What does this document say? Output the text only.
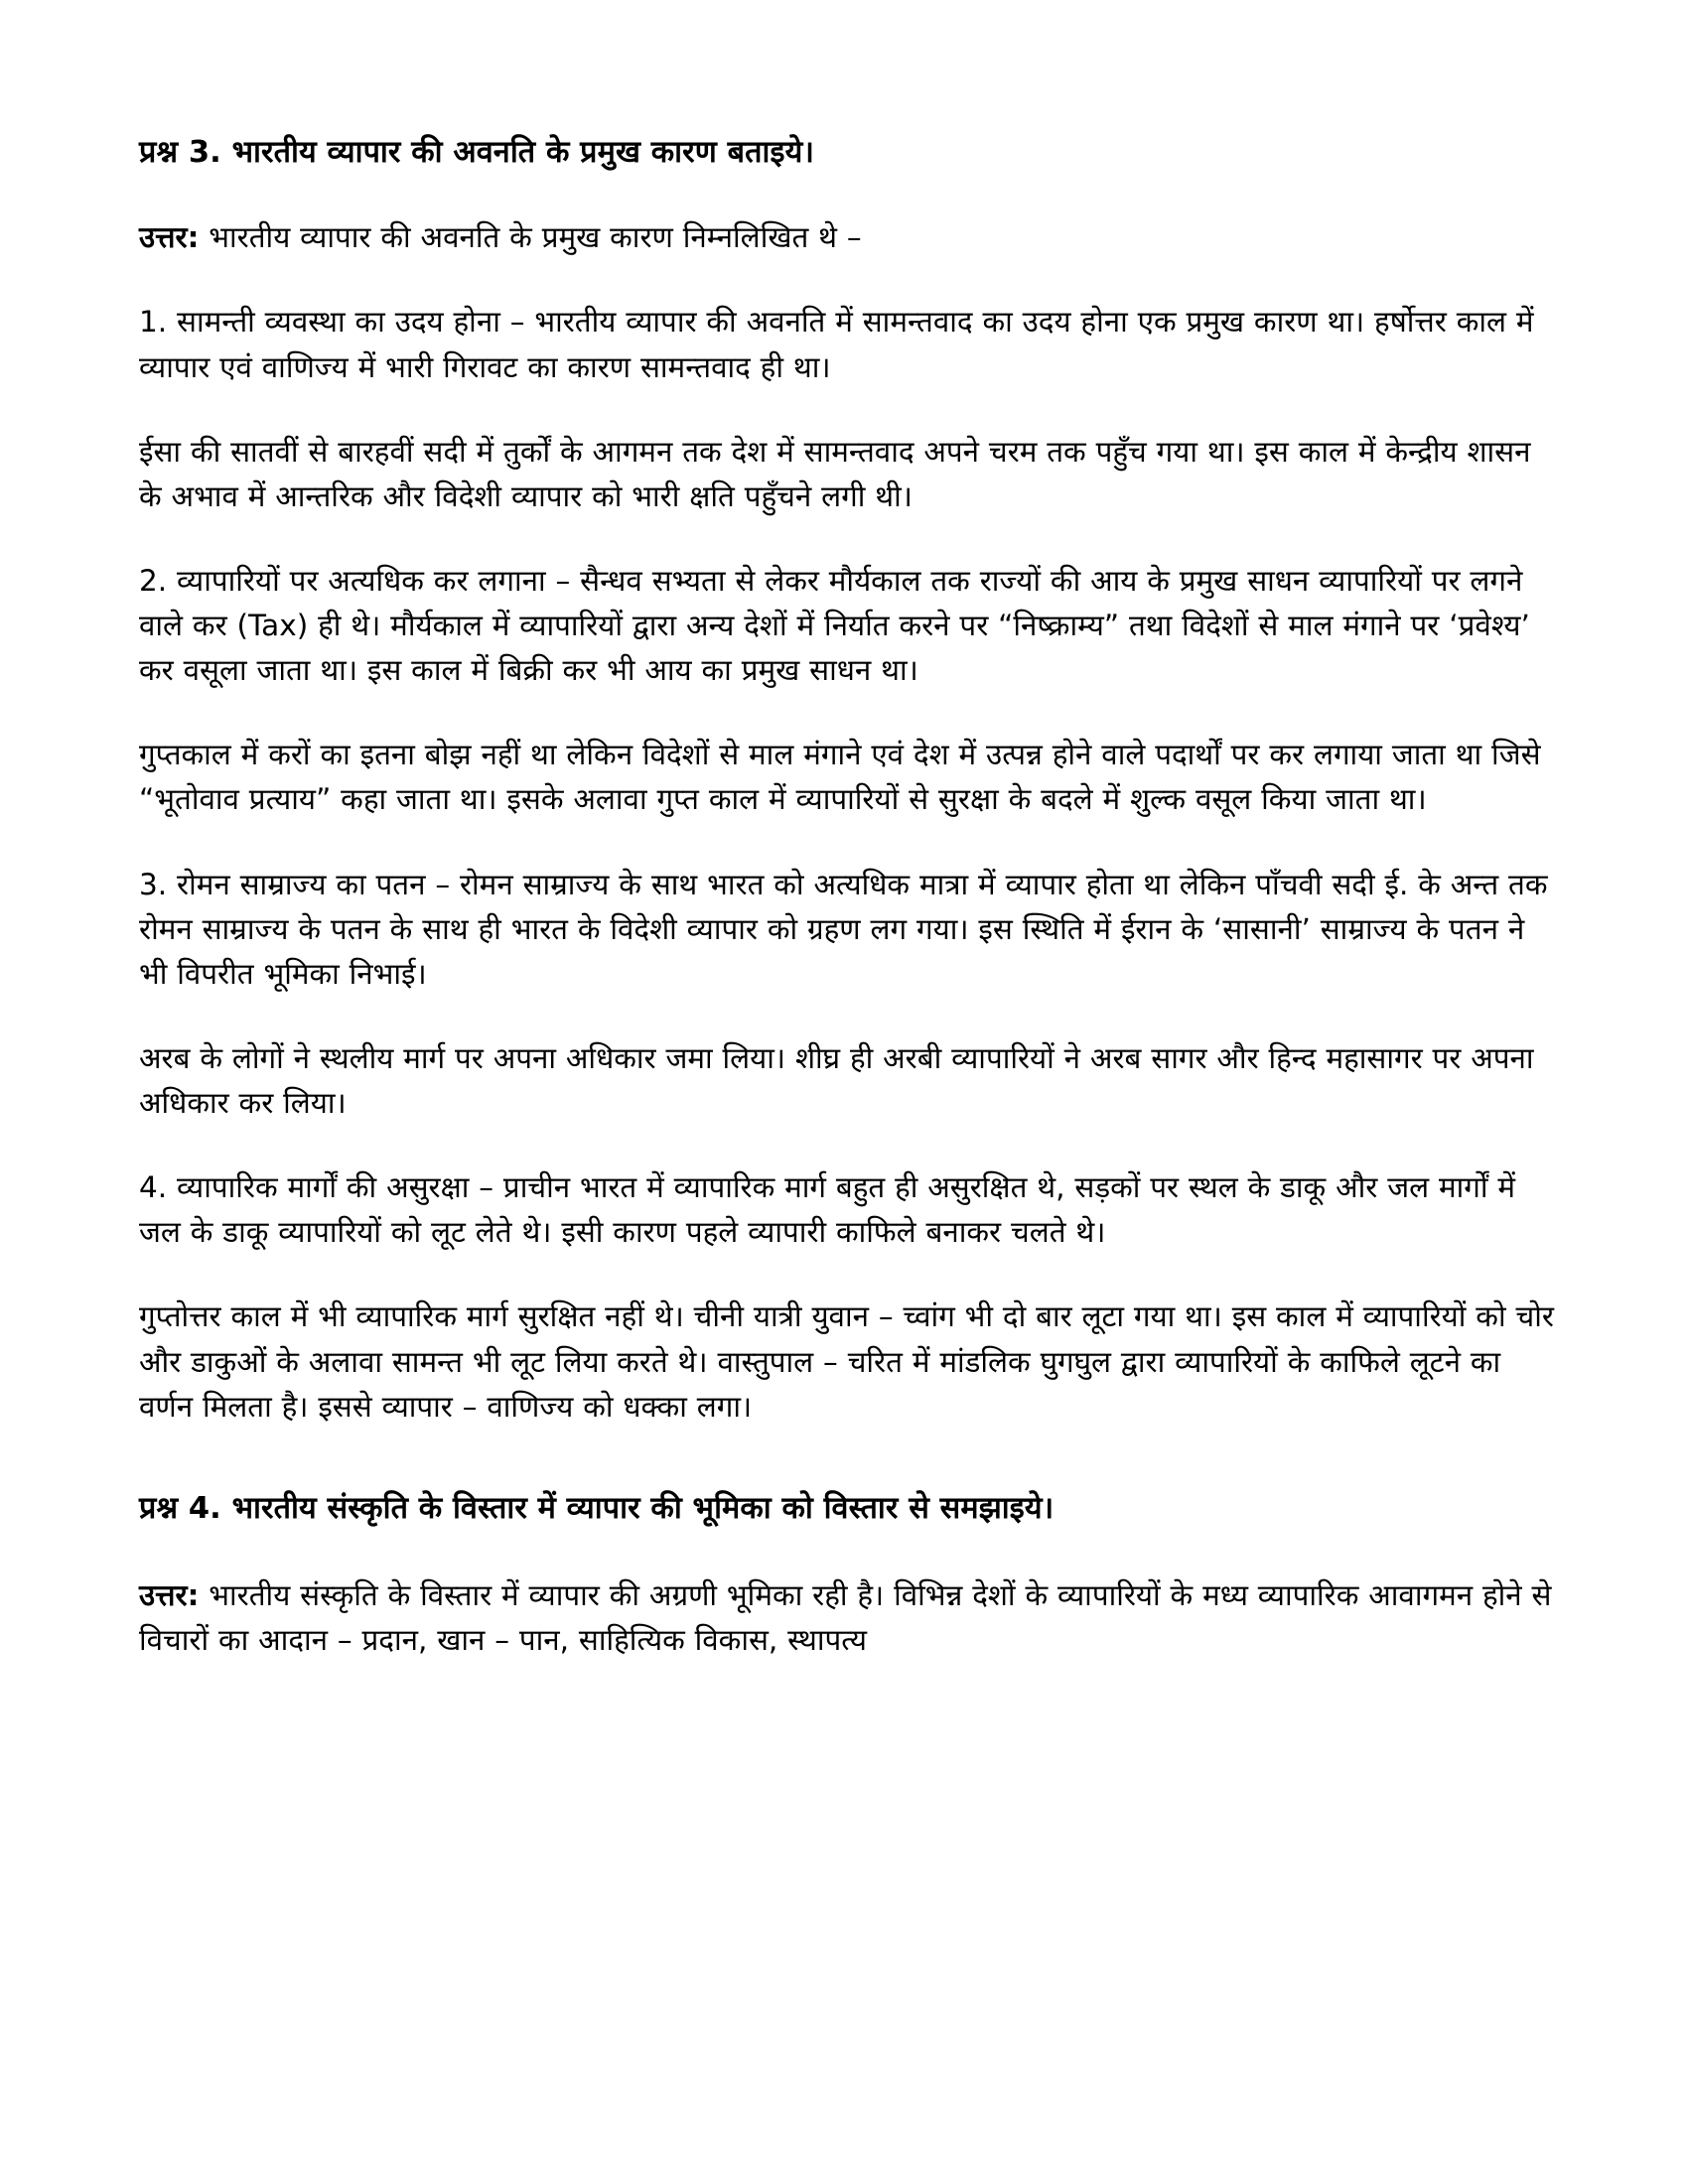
प्रश्न 3. भारतीय व्यापार की अवनति के प्रमुख कारण बताइये।

उत्तर: भारतीय व्यापार की अवनति के प्रमुख कारण निम्नलिखित थे –

1. सामन्ती व्यवस्था का उदय होना – भारतीय व्यापार की अवनति में सामन्तवाद का उदय होना एक प्रमुख कारण था। हर्षोत्तर काल में व्यापार एवं वाणिज्य में भारी गिरावट का कारण सामन्तवाद ही था।

ईसा की सातवीं से बारहवीं सदी में तुर्कों के आगमन तक देश में सामन्तवाद अपने चरम तक पहुँच गया था। इस काल में केन्द्रीय शासन के अभाव में आन्तरिक और विदेशी व्यापार को भारी क्षति पहुँचने लगी थी।

2. व्यापारियों पर अत्यधिक कर लगाना – सैन्धव सभ्यता से लेकर मौर्यकाल तक राज्यों की आय के प्रमुख साधन व्यापारियों पर लगने वाले कर (Tax) ही थे। मौर्यकाल में व्यापारियों द्वारा अन्य देशों में निर्यात करने पर “निष्क्राम्य” तथा विदेशों से माल मंगाने पर ‘प्रवेश्य’ कर वसूला जाता था। इस काल में बिक्री कर भी आय का प्रमुख साधन था।

गुप्तकाल में करों का इतना बोझ नहीं था लेकिन विदेशों से माल मंगाने एवं देश में उत्पन्न होने वाले पदार्थों पर कर लगाया जाता था जिसे “भूतोवाव प्रत्याय” कहा जाता था। इसके अलावा गुप्त काल में व्यापारियों से सुरक्षा के बदले में शुल्क वसूल किया जाता था।

3. रोमन साम्राज्य का पतन – रोमन साम्राज्य के साथ भारत को अत्यधिक मात्रा में व्यापार होता था लेकिन पाँचवी सदी ई. के अन्त तक रोमन साम्राज्य के पतन के साथ ही भारत के विदेशी व्यापार को ग्रहण लग गया। इस स्थिति में ईरान के ‘सासानी’ साम्राज्य के पतन ने भी विपरीत भूमिका निभाई।

अरब के लोगों ने स्थलीय मार्ग पर अपना अधिकार जमा लिया। शीघ्र ही अरबी व्यापारियों ने अरब सागर और हिन्द महासागर पर अपना अधिकार कर लिया।

4. व्यापारिक मार्गों की असुरक्षा – प्राचीन भारत में व्यापारिक मार्ग बहुत ही असुरक्षित थे, सड़कों पर स्थल के डाकू और जल मार्गों में जल के डाकू व्यापारियों को लूट लेते थे। इसी कारण पहले व्यापारी काफिले बनाकर चलते थे।

गुप्तोत्तर काल में भी व्यापारिक मार्ग सुरक्षित नहीं थे। चीनी यात्री युवान – च्वांग भी दो बार लूटा गया था। इस काल में व्यापारियों को चोर और डाकुओं के अलावा सामन्त भी लूट लिया करते थे। वास्तुपाल – चरित में मांडलिक घुगघुल द्वारा व्यापारियों के काफिले लूटने का वर्णन मिलता है। इससे व्यापार – वाणिज्य को धक्का लगा।

प्रश्न 4. भारतीय संस्कृति के विस्तार में व्यापार की भूमिका को विस्तार से समझाइये।

उत्तर: भारतीय संस्कृति के विस्तार में व्यापार की अग्रणी भूमिका रही है। विभिन्न देशों के व्यापारियों के मध्य व्यापारिक आवागमन होने से विचारों का आदान – प्रदान, खान – पान, साहित्यिक विकास, स्थापत्य
